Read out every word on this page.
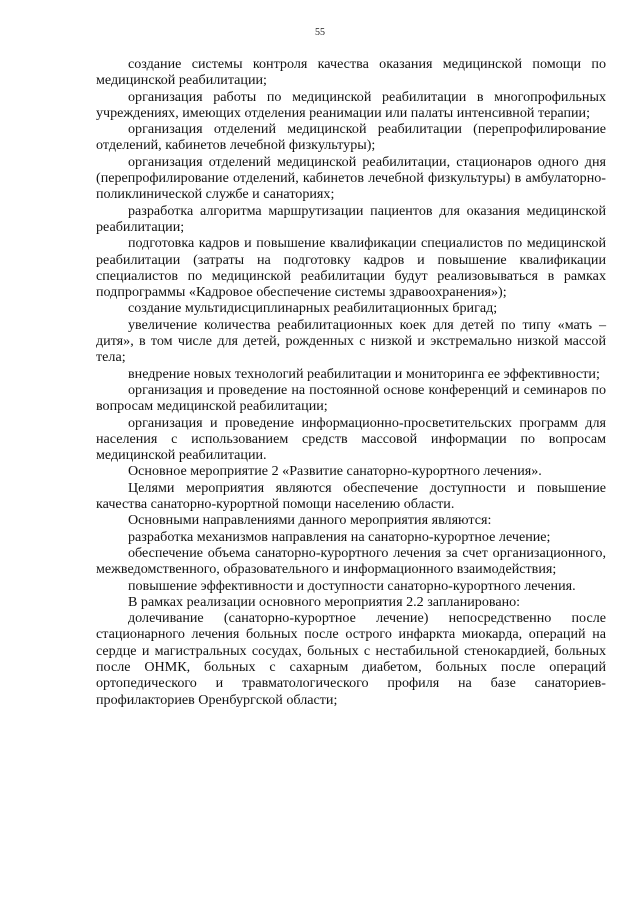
55

создание системы контроля качества оказания медицинской помощи по медицинской реабилитации;

организация работы по медицинской реабилитации в многопрофильных учреждениях, имеющих отделения реанимации или палаты интенсивной терапии;

организация отделений медицинской реабилитации (перепрофилирование отделений, кабинетов лечебной физкультуры);

организация отделений медицинской реабилитации, стационаров одного дня (перепрофилирование отделений, кабинетов лечебной физкультуры) в амбулаторно-поликлинической службе и санаториях;

разработка алгоритма маршрутизации пациентов для оказания медицинской реабилитации;

подготовка кадров и повышение квалификации специалистов по медицинской реабилитации (затраты на подготовку кадров и повышение квалификации специалистов по медицинской реабилитации будут реализовываться в рамках подпрограммы «Кадровое обеспечение системы здравоохранения»);

создание мультидисциплинарных реабилитационных бригад;

увеличение количества реабилитационных коек для детей по типу «мать – дитя», в том числе для детей, рожденных с низкой и экстремально низкой массой тела;

внедрение новых технологий реабилитации и мониторинга ее эффективности;

организация и проведение на постоянной основе конференций и семинаров по вопросам медицинской реабилитации;

организация и проведение информационно-просветительских программ для населения с использованием средств массовой информации по вопросам медицинской реабилитации.

Основное мероприятие 2 «Развитие санаторно-курортного лечения».

Целями мероприятия являются обеспечение доступности и повышение качества санаторно-курортной помощи населению области.

Основными направлениями данного мероприятия являются:

разработка механизмов направления на санаторно-курортное лечение;

обеспечение объема санаторно-курортного лечения за счет организационного, межведомственного, образовательного и информационного взаимодействия;

повышение эффективности и доступности санаторно-курортного лечения.

В рамках реализации основного мероприятия 2.2 запланировано:

долечивание (санаторно-курортное лечение) непосредственно после стационарного лечения больных после острого инфаркта миокарда, операций на сердце и магистральных сосудах, больных с нестабильной стенокардией, больных после ОНМК, больных с сахарным диабетом, больных после операций ортопедического и травматологического профиля на базе санаториев-профилакториев Оренбургской области;
